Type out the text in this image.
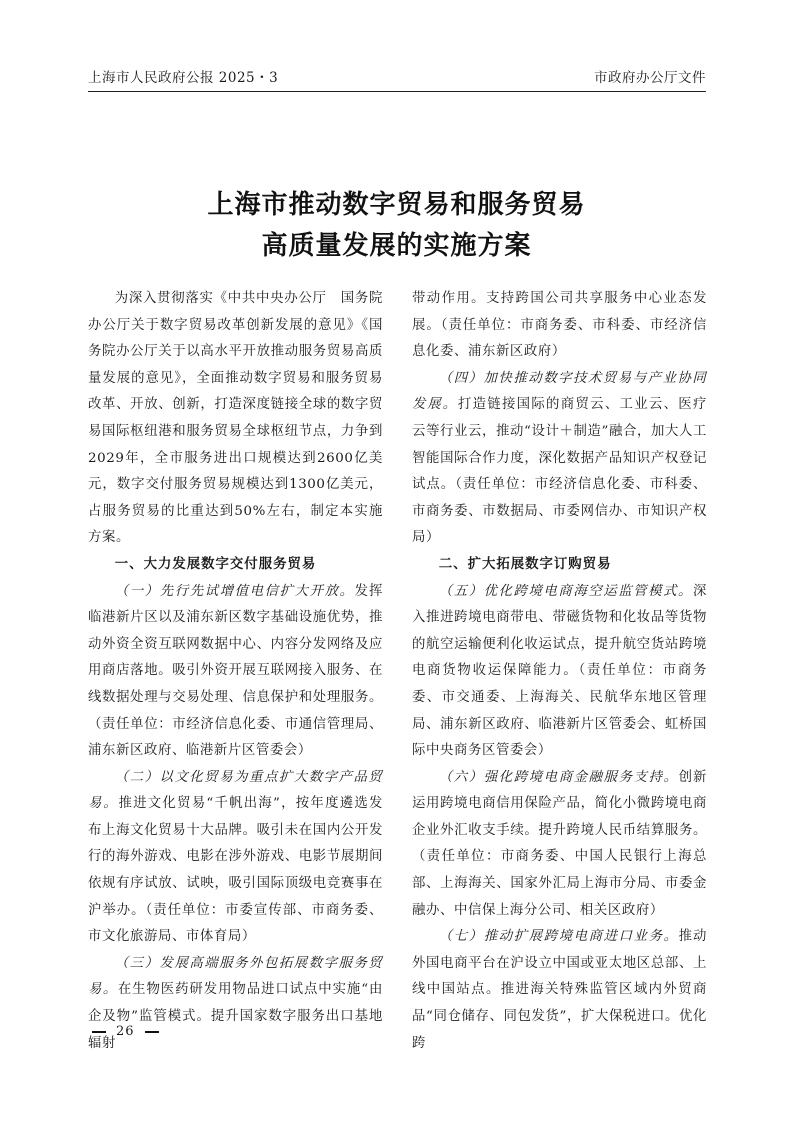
上海市人民政府公报 2025・3	市政府办公厅文件
上海市推动数字贸易和服务贸易
高质量发展的实施方案

为深入贯彻落实《中共中央办公厅　国务院办公厅关于数字贸易改革创新发展的意见》《国务院办公厅关于以高水平开放推动服务贸易高质量发展的意见》，全面推动数字贸易和服务贸易改革、开放、创新，打造深度链接全球的数字贸易国际枢纽港和服务贸易全球枢纽节点，力争到2029年，全市服务进出口规模达到2600亿美元，数字交付服务贸易规模达到1300亿美元，占服务贸易的比重达到50%左右，制定本实施方案。

一、大力发展数字交付服务贸易

（一）先行先试增值电信扩大开放。发挥临港新片区以及浦东新区数字基础设施优势，推动外资全资互联网数据中心、内容分发网络及应用商店落地。吸引外资开展互联网接入服务、在线数据处理与交易处理、信息保护和处理服务。（责任单位：市经济信息化委、市通信管理局、浦东新区政府、临港新片区管委会）

（二）以文化贸易为重点扩大数字产品贸易。推进文化贸易“千帆出海”，按年度遴选发布上海文化贸易十大品牌。吸引未在国内公开发行的海外游戏、电影在涉外游戏、电影节展期间依规有序试放、试映，吸引国际顶级电竞赛事在沪举办。（责任单位：市委宣传部、市商务委、市文化旅游局、市体育局）

（三）发展高端服务外包拓展数字服务贸易。在生物医药研发用物品进口试点中实施“由企及物”监管模式。提升国家数字服务出口基地辐射

带动作用。支持跨国公司共享服务中心业态发展。（责任单位：市商务委、市科委、市经济信息化委、浦东新区政府）

（四）加快推动数字技术贸易与产业协同发展。打造链接国际的商贸云、工业云、医疗云等行业云，推动“设计＋制造”融合，加大人工智能国际合作力度，深化数据产品知识产权登记试点。（责任单位：市经济信息化委、市科委、市商务委、市数据局、市委网信办、市知识产权局）

二、扩大拓展数字订购贸易

（五）优化跨境电商海空运监管模式。深入推进跨境电商带电、带磁货物和化妆品等货物的航空运输便利化收运试点，提升航空货站跨境电商货物收运保障能力。（责任单位：市商务委、市交通委、上海海关、民航华东地区管理局、浦东新区政府、临港新片区管委会、虹桥国际中央商务区管委会）

（六）强化跨境电商金融服务支持。创新运用跨境电商信用保险产品，简化小微跨境电商企业外汇收支手续。提升跨境人民币结算服务。（责任单位：市商务委、中国人民银行上海总部、上海海关、国家外汇局上海市分局、市委金融办、中信保上海分公司、相关区政府）

（七）推动扩展跨境电商进口业务。推动外国电商平台在沪设立中国或亚太地区总部、上线中国站点。推进海关特殊监管区域内外贸商品“同仓储存、同包发货”，扩大保税进口。优化跨

26
